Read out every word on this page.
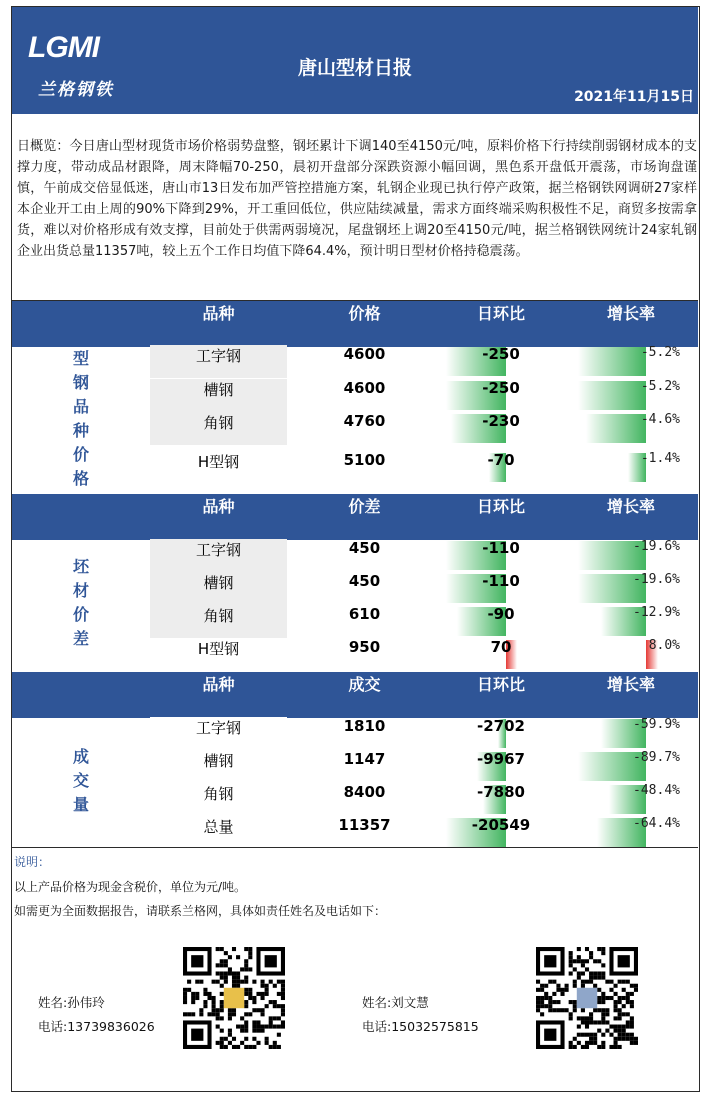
LGMI
兰格钢铁
唐山型材日报
2021年11月15日
日概览：今日唐山型材现货市场价格弱势盘整，钢坯累计下调140至4150元/吨，原料价格下行持续削弱钢材成本的支撑力度，带动成品材跟降，周末降幅70-250，晨初开盘部分深跌资源小幅回调，黑色系开盘低开震荡，市场询盘谨慎，午前成交倍显低迷，唐山市13日发布加严管控措施方案，轧钢企业现已执行停产政策，据兰格钢铁网调研27家样本企业开工由上周的90%下降到29%，开工重回低位，供应陆续减量，需求方面终端采购积极性不足，商贸多按需拿货，难以对价格形成有效支撑，目前处于供需两弱境况，尾盘钢坯上调20至4150元/吨，据兰格钢铁网统计24家轧钢企业出货总量11357吨，较上五个工作日均值下降64.4%，预计明日型材价格持稳震荡。
品种	价格	日环比	增长率
型
钢
品
种
价
格
工字钢	4600	-250	-5.2%
槽钢	4600	-250	-5.2%
角钢	4760	-230	-4.6%
H型钢	5100	-70	-1.4%
品种	价差	日环比	增长率
坯
材
价
差
工字钢	450	-110	-19.6%
槽钢	450	-110	-19.6%
角钢	610	-90	-12.9%
H型钢	950	70	8.0%
品种	成交	日环比	增长率
成
交
量
工字钢	1810	-2702	-59.9%
槽钢	1147	-9967	-89.7%
角钢	8400	-7880	-48.4%
总量	11357	-20549	-64.4%
说明：
以上产品价格为现金含税价，单位为元/吨。
如需更为全面数据报告，请联系兰格网，具体如责任姓名及电话如下：
姓名:孙伟玲
电话:13739836026
姓名:刘文慧
电话:15032575815
